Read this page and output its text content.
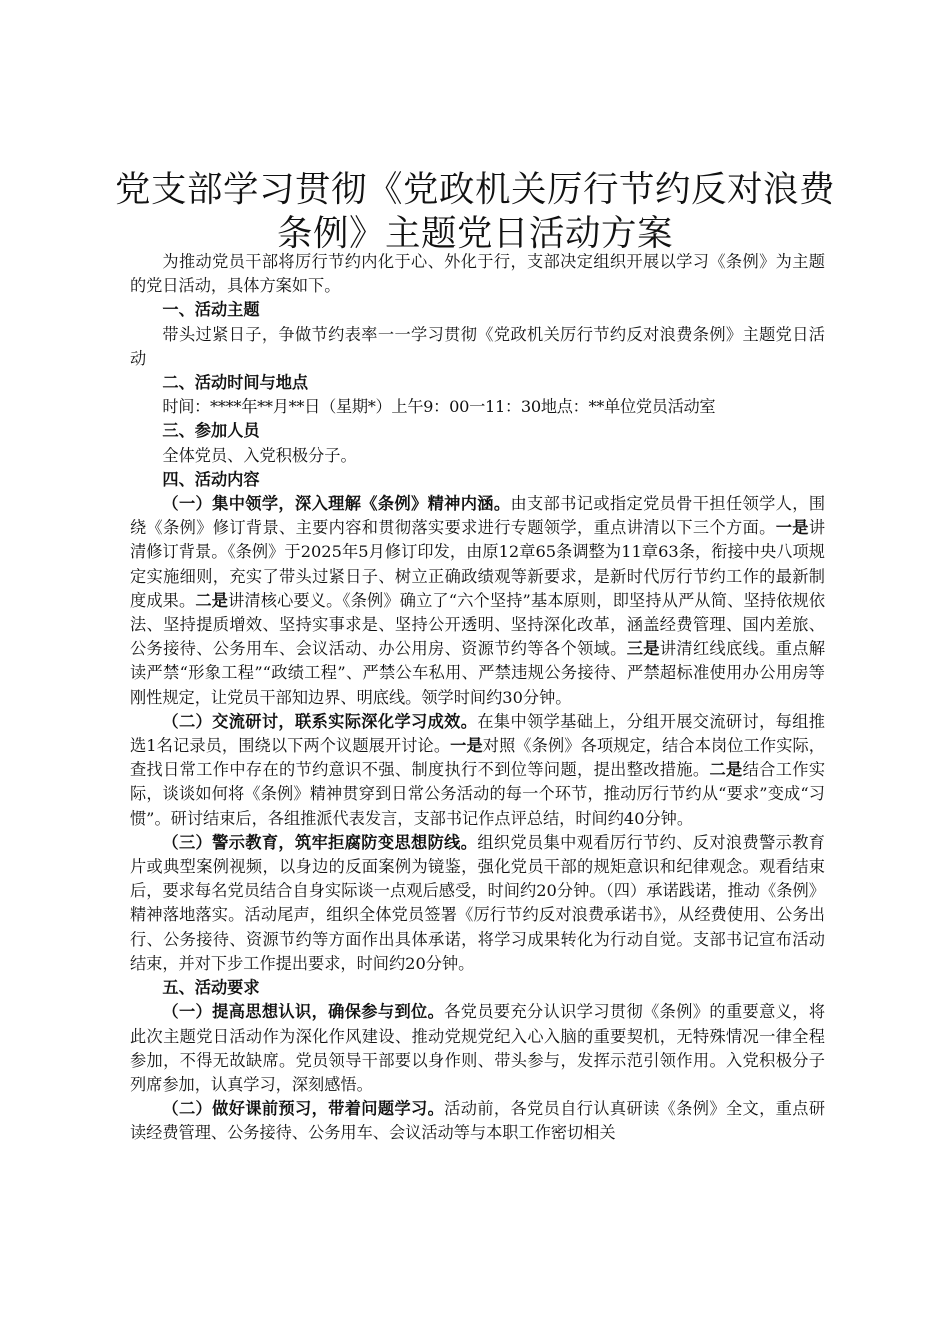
党支部学习贯彻《党政机关厉行节约反对浪费
条例》主题党日活动方案

为推动党员干部将厉行节约内化于心、外化于行，支部决定组织开展以学习《条例》为主题的党日活动，具体方案如下。

一、活动主题

带头过紧日子，争做节约表率一一学习贯彻《党政机关厉行节约反对浪费条例》主题党日活动

二、活动时间与地点

时间：****年**月**日（星期*）上午9：00一11：30地点：**单位党员活动室

三、参加人员

全体党员、入党积极分子。

四、活动内容

（一）集中领学，深入理解《条例》精神内涵。由支部书记或指定党员骨干担任领学人，围绕《条例》修订背景、主要内容和贯彻落实要求进行专题领学，重点讲清以下三个方面。一是讲清修订背景。《条例》于2025年5月修订印发，由原12章65条调整为11章63条，衔接中央八项规定实施细则，充实了带头过紧日子、树立正确政绩观等新要求，是新时代厉行节约工作的最新制度成果。二是讲清核心要义。《条例》确立了“六个坚持”基本原则，即坚持从严从简、坚持依规依法、坚持提质增效、坚持实事求是、坚持公开透明、坚持深化改革，涵盖经费管理、国内差旅、公务接待、公务用车、会议活动、办公用房、资源节约等各个领域。三是讲清红线底线。重点解读严禁“形象工程”“政绩工程”、严禁公车私用、严禁违规公务接待、严禁超标准使用办公用房等刚性规定，让党员干部知边界、明底线。领学时间约30分钟。

（二）交流研讨，联系实际深化学习成效。在集中领学基础上，分组开展交流研讨，每组推选1名记录员，围绕以下两个议题展开讨论。一是对照《条例》各项规定，结合本岗位工作实际，查找日常工作中存在的节约意识不强、制度执行不到位等问题，提出整改措施。二是结合工作实际，谈谈如何将《条例》精神贯穿到日常公务活动的每一个环节，推动厉行节约从“要求”变成“习惯”。研讨结束后，各组推派代表发言，支部书记作点评总结，时间约40分钟。

（三）警示教育，筑牢拒腐防变思想防线。组织党员集中观看厉行节约、反对浪费警示教育片或典型案例视频，以身边的反面案例为镜鉴，强化党员干部的规矩意识和纪律观念。观看结束后，要求每名党员结合自身实际谈一点观后感受，时间约20分钟。（四）承诺践诺，推动《条例》精神落地落实。活动尾声，组织全体党员签署《厉行节约反对浪费承诺书》，从经费使用、公务出行、公务接待、资源节约等方面作出具体承诺，将学习成果转化为行动自觉。支部书记宣布活动结束，并对下步工作提出要求，时间约20分钟。

五、活动要求

（一）提高思想认识，确保参与到位。各党员要充分认识学习贯彻《条例》的重要意义，将此次主题党日活动作为深化作风建设、推动党规党纪入心入脑的重要契机，无特殊情况一律全程参加，不得无故缺席。党员领导干部要以身作则、带头参与，发挥示范引领作用。入党积极分子列席参加，认真学习，深刻感悟。

（二）做好课前预习，带着问题学习。活动前，各党员自行认真研读《条例》全文，重点研读经费管理、公务接待、公务用车、会议活动等与本职工作密切相关
